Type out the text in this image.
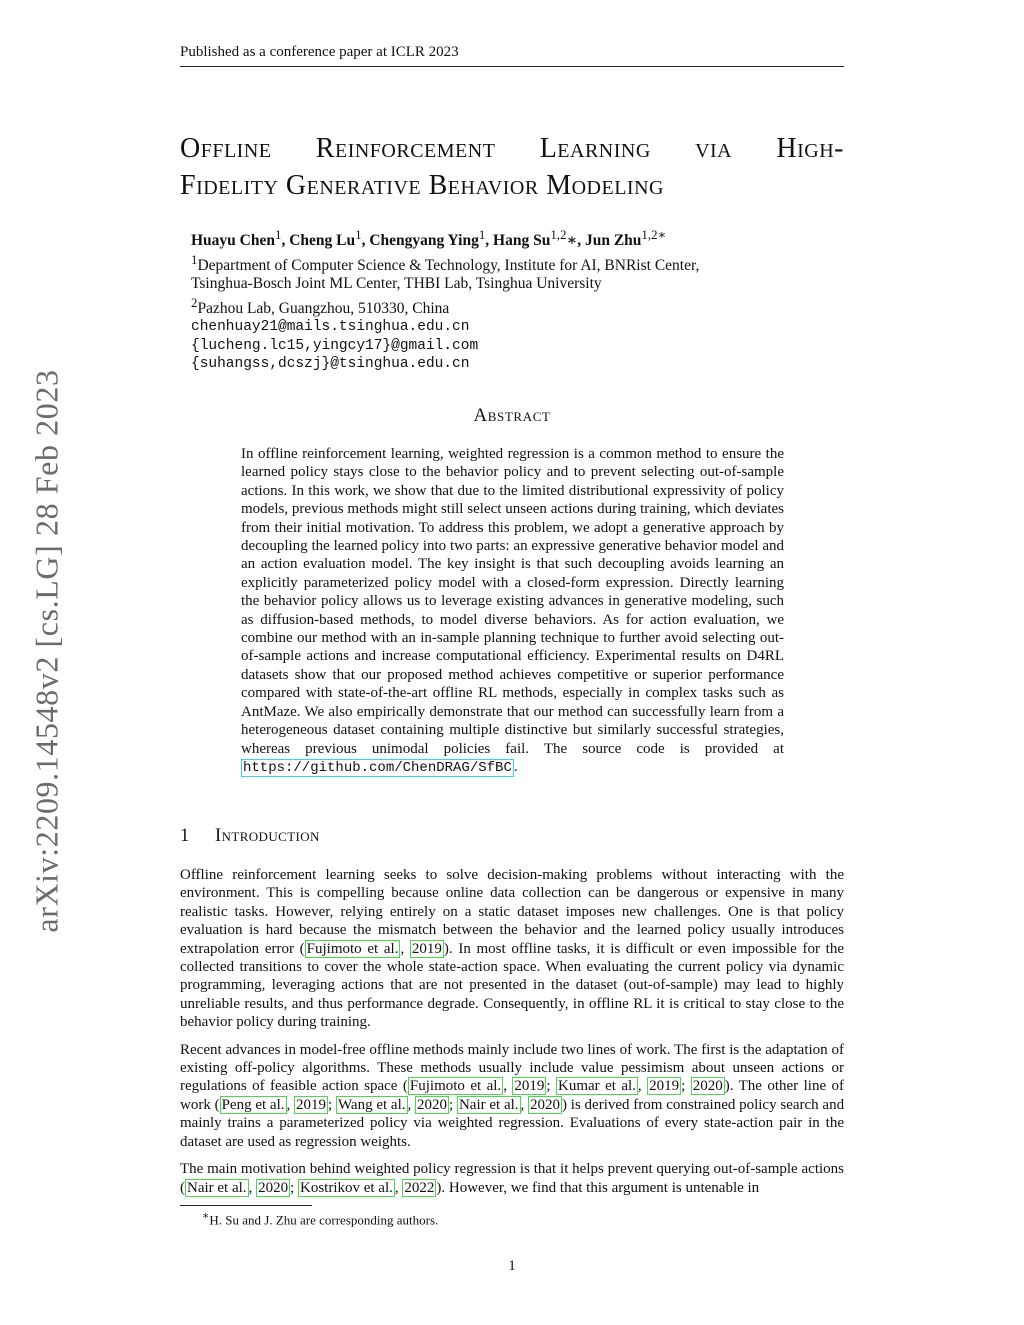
Published as a conference paper at ICLR 2023
arXiv:2209.14548v2 [cs.LG] 28 Feb 2023
Offline Reinforcement Learning via High-
Fidelity Generative Behavior Modeling
Huayu Chen$^1$, Cheng Lu$^1$, Chengyang Ying$^1$, Hang Su$^{1,2}$∗, Jun Zhu$^{1,2∗}$
$^1$Department of Computer Science & Technology, Institute for AI, BNRist Center,
Tsinghua-Bosch Joint ML Center, THBI Lab, Tsinghua University
$^2$Pazhou Lab, Guangzhou, 510330, China
chenhuay21@mails.tsinghua.edu.cn
{lucheng.lc15,yingcy17}@gmail.com
{suhangss,dcszj}@tsinghua.edu.cn
Abstract
In offline reinforcement learning, weighted regression is a common method to ensure the learned policy stays close to the behavior policy and to prevent selecting out-of-sample actions. In this work, we show that due to the limited distributional expressivity of policy models, previous methods might still select unseen actions during training, which deviates from their initial motivation. To address this problem, we adopt a generative approach by decoupling the learned policy into two parts: an expressive generative behavior model and an action evaluation model. The key insight is that such decoupling avoids learning an explicitly parameterized policy model with a closed-form expression. Directly learning the behavior policy allows us to leverage existing advances in generative modeling, such as diffusion-based methods, to model diverse behaviors. As for action evaluation, we combine our method with an in-sample planning technique to further avoid selecting out-of-sample actions and increase computational efficiency. Experimental results on D4RL datasets show that our proposed method achieves competitive or superior performance compared with state-of-the-art offline RL methods, especially in complex tasks such as AntMaze. We also empirically demonstrate that our method can successfully learn from a heterogeneous dataset containing multiple distinctive but similarly successful strategies, whereas previous unimodal policies fail. The source code is provided at https://github.com/ChenDRAG/SfBC .
1 Introduction

Offline reinforcement learning seeks to solve decision-making problems without interacting with the environment. This is compelling because online data collection can be dangerous or expensive in many realistic tasks. However, relying entirely on a static dataset imposes new challenges. One is that policy evaluation is hard because the mismatch between the behavior and the learned policy usually introduces extrapolation error ( Fujimoto et al. , 2019 ). In most offline tasks, it is difficult or even impossible for the collected transitions to cover the whole state-action space. When evaluating the current policy via dynamic programming, leveraging actions that are not presented in the dataset (out-of-sample) may lead to highly unreliable results, and thus performance degrade. Consequently, in offline RL it is critical to stay close to the behavior policy during training.

Recent advances in model-free offline methods mainly include two lines of work. The first is the adaptation of existing off-policy algorithms. These methods usually include value pessimism about unseen actions or regulations of feasible action space ( Fujimoto et al. , 2019 ; Kumar et al. , 2019 ; 2020 ). The other line of work ( Peng et al. , 2019 ; Wang et al. , 2020 ; Nair et al. , 2020 ) is derived from constrained policy search and mainly trains a parameterized policy via weighted regression. Evaluations of every state-action pair in the dataset are used as regression weights.

The main motivation behind weighted policy regression is that it helps prevent querying out-of-sample actions ( Nair et al. , 2020 ; Kostrikov et al. , 2022 ). However, we find that this argument is untenable in

∗H. Su and J. Zhu are corresponding authors.
1
